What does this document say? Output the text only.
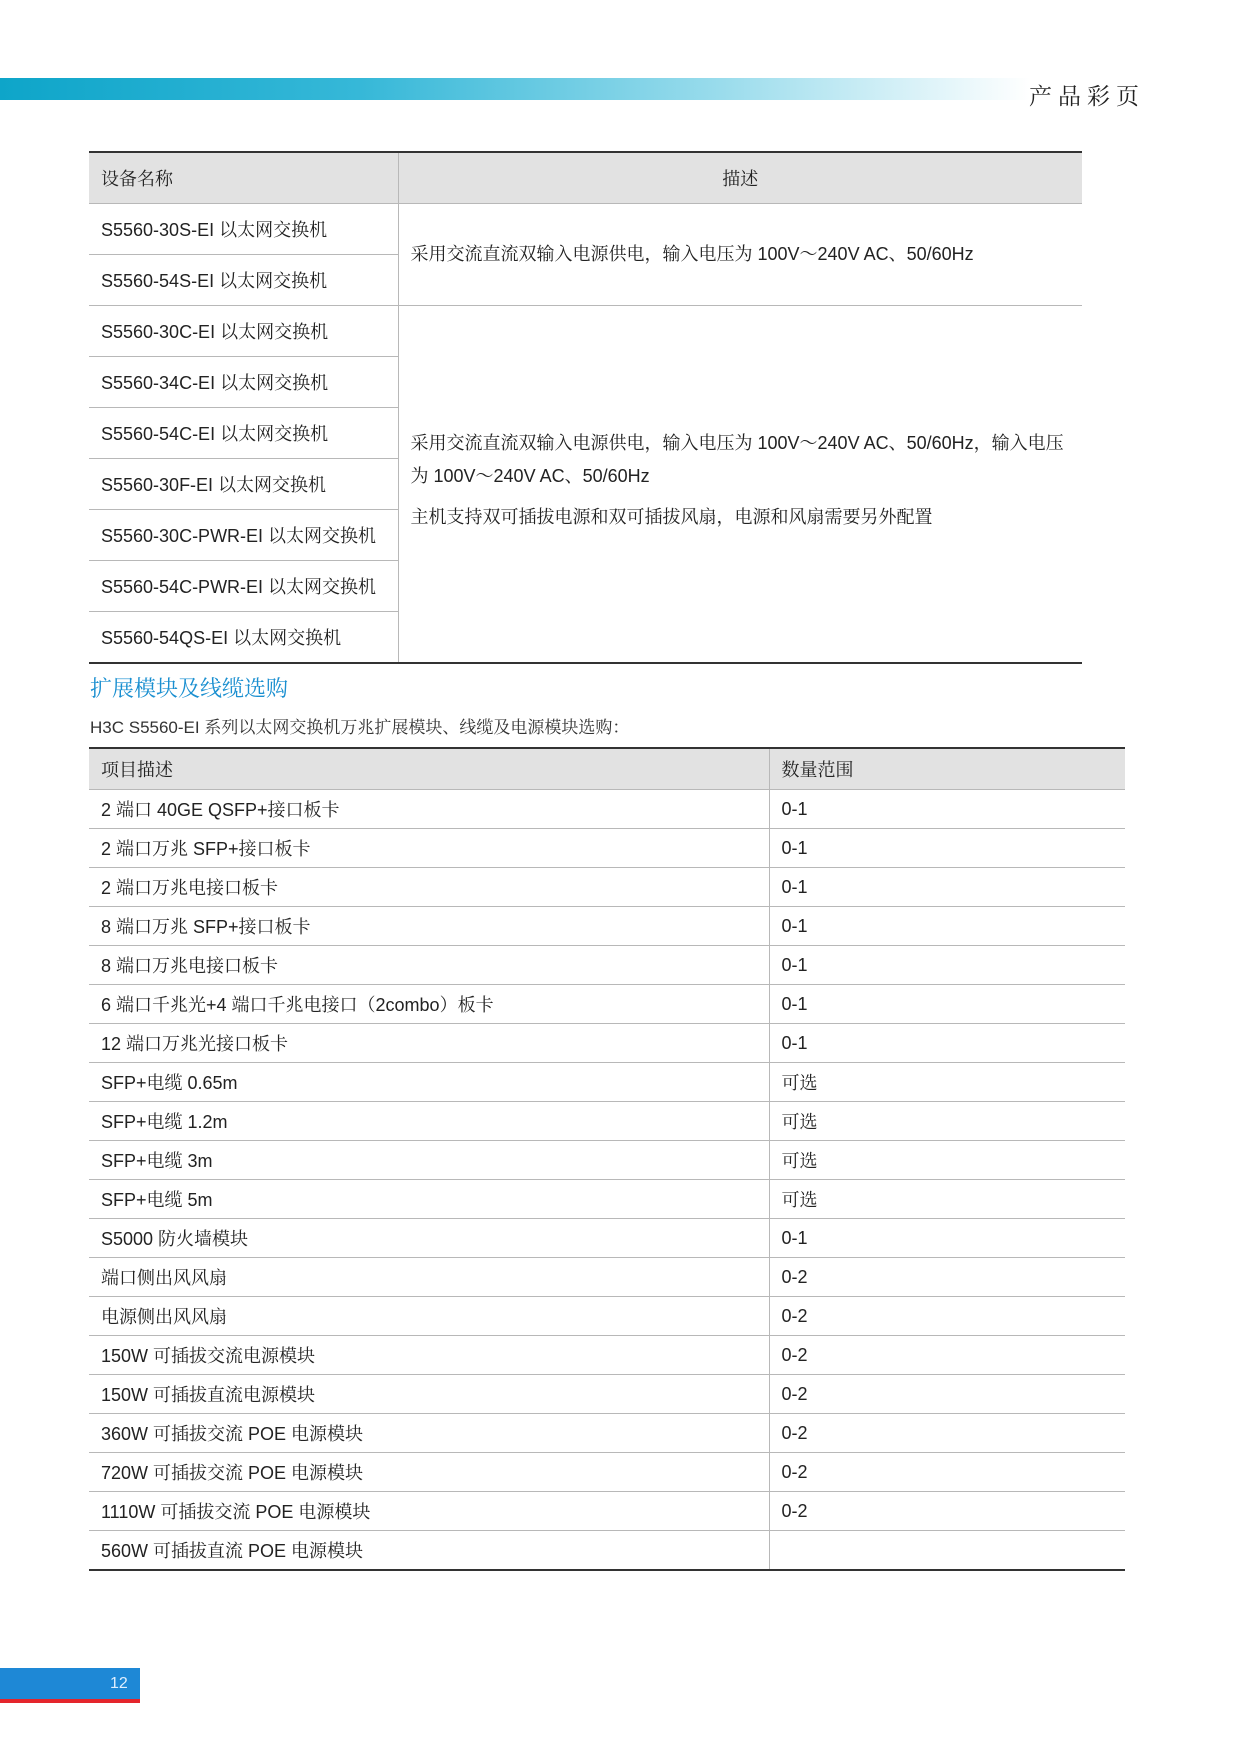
产品彩页
设备名称	描述
S5560-30S-EI 以太网交换机	采用交流直流双输入电源供电，输入电压为 100V～240V AC、50/60Hz
S5560-54S-EI 以太网交换机	
S5560-30C-EI 以太网交换机	采用交流直流双输入电源供电，输入电压为 100V～240V AC、50/60Hz，输入电压为 100V～240V AC、50/60Hz

主机支持双可插拔电源和双可插拔风扇，电源和风扇需要另外配置

S5560-34C-EI 以太网交换机	
S5560-54C-EI 以太网交换机	
S5560-30F-EI 以太网交换机	
S5560-30C-PWR-EI 以太网交换机	
S5560-54C-PWR-EI 以太网交换机	
S5560-54QS-EI 以太网交换机	
扩展模块及线缆选购
H3C S5560-EI 系列以太网交换机万兆扩展模块、线缆及电源模块选购：
项目描述	数量范围
2 端口 40GE QSFP+接口板卡	0-1
2 端口万兆 SFP+接口板卡	0-1
2 端口万兆电接口板卡	0-1
8 端口万兆 SFP+接口板卡	0-1
8 端口万兆电接口板卡	0-1
6 端口千兆光+4 端口千兆电接口（2combo）板卡	0-1
12 端口万兆光接口板卡	0-1
SFP+电缆 0.65m	可选
SFP+电缆 1.2m	可选
SFP+电缆 3m	可选
SFP+电缆 5m	可选
S5000 防火墙模块	0-1
端口侧出风风扇	0-2
电源侧出风风扇	0-2
150W 可插拔交流电源模块	0-2
150W 可插拔直流电源模块	0-2
360W 可插拔交流 POE 电源模块	0-2
720W 可插拔交流 POE 电源模块	0-2
1110W 可插拔交流 POE 电源模块	0-2
560W 可插拔直流 POE 电源模块	
12
